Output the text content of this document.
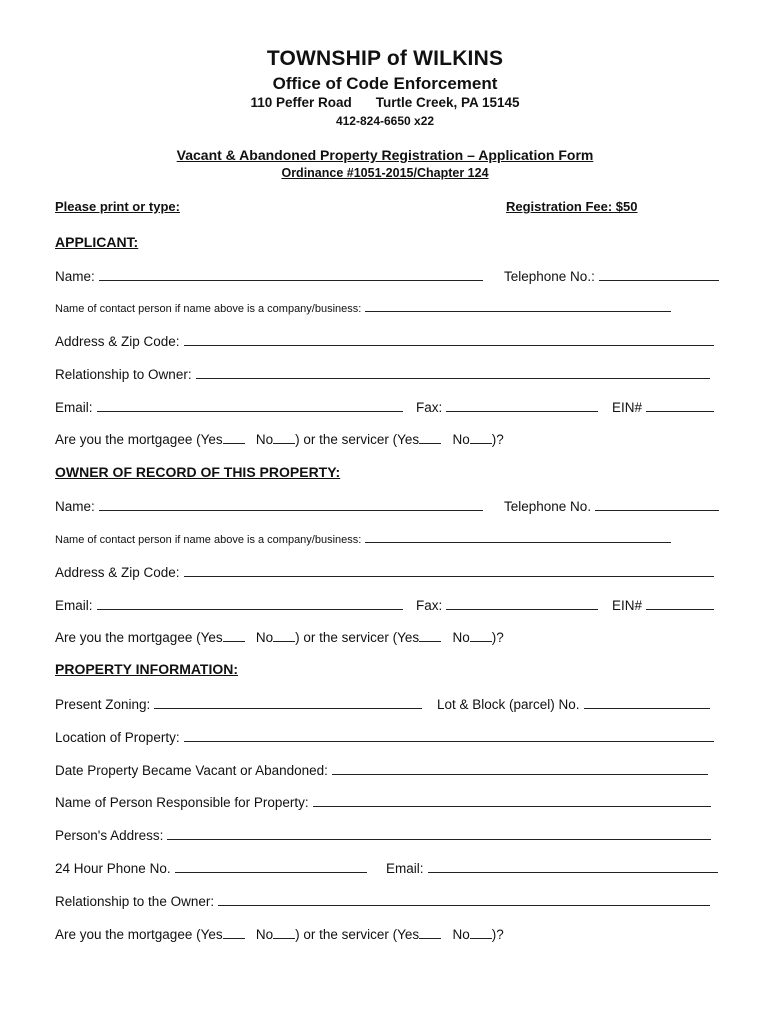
TOWNSHIP of WILKINS
Office of Code Enforcement
110 Peffer Road Turtle Creek, PA 15145
412-824-6650 x22
Vacant & Abandoned Property Registration – Application Form
Ordinance #1051-2015/Chapter 124
Please print or type:	Registration Fee: $50
APPLICANT:
Name:	Telephone No.:
Name of contact person if name above is a company/business:
Address & Zip Code:
Relationship to Owner:
Email:	Fax:	EIN#
Are you the mortgagee (Yes No ) or the servicer (Yes No )?
OWNER OF RECORD OF THIS PROPERTY:
Name:	Telephone No.
Name of contact person if name above is a company/business:
Address & Zip Code:
Email:	Fax:	EIN#
Are you the mortgagee (Yes No ) or the servicer (Yes No )?
PROPERTY INFORMATION:
Present Zoning:	Lot & Block (parcel) No.
Location of Property:
Date Property Became Vacant or Abandoned:
Name of Person Responsible for Property:
Person's Address:
24 Hour Phone No.	Email:
Relationship to the Owner:
Are you the mortgagee (Yes No ) or the servicer (Yes No )?
